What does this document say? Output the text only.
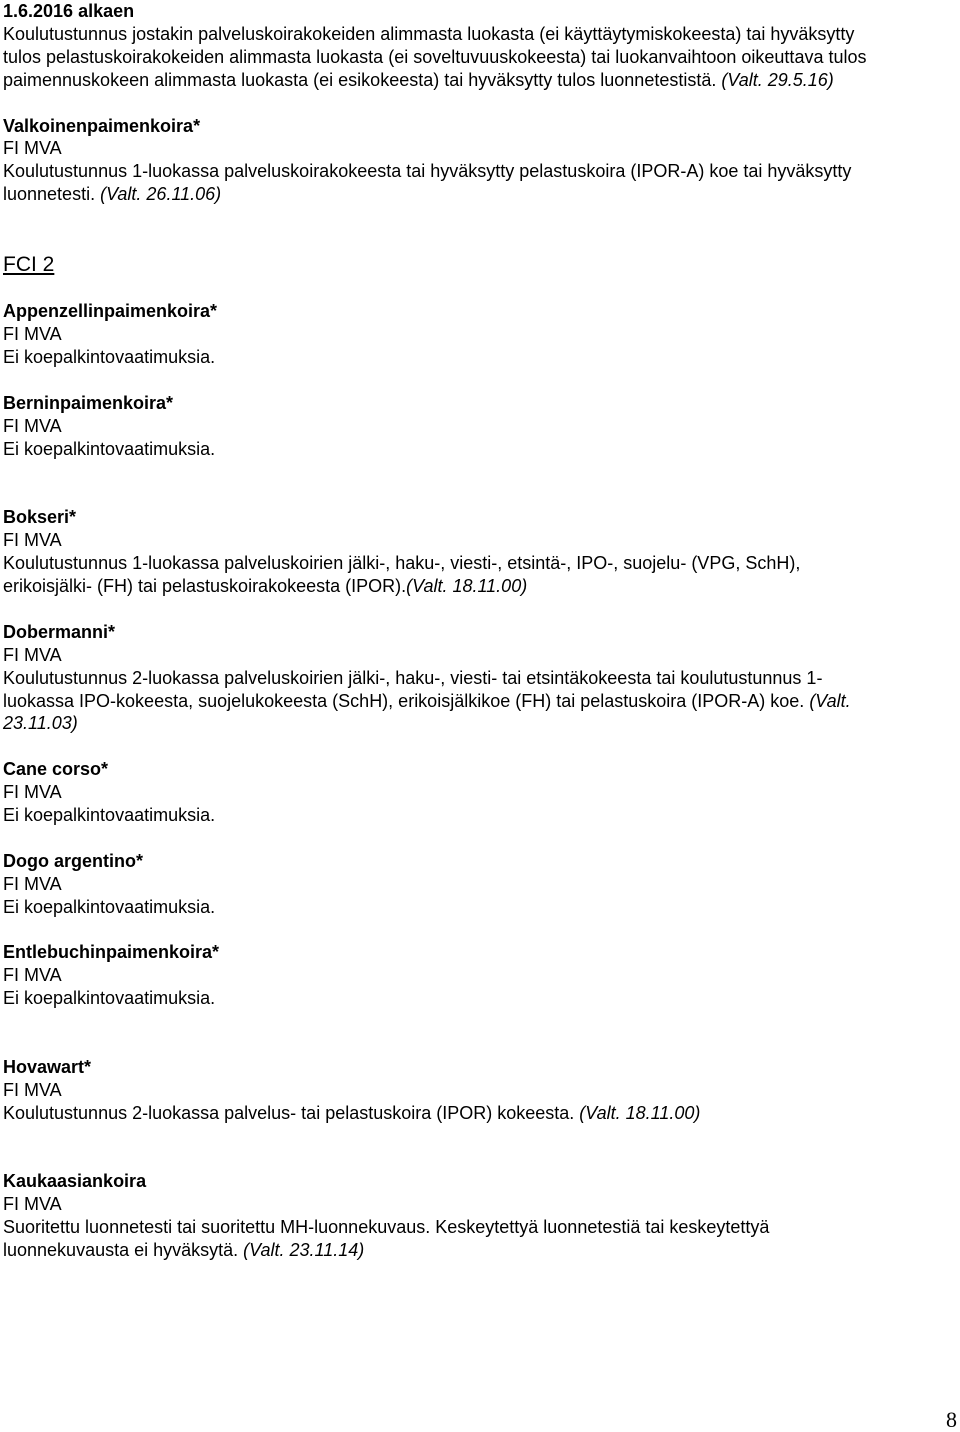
1.6.2016 alkaen
Koulutustunnus jostakin palveluskoirakokeiden alimmasta luokasta (ei käyttäytymiskokeesta) tai hyväksytty
tulos pelastuskoirakokeiden alimmasta luokasta (ei soveltuvuuskokeesta) tai luokanvaihtoon oikeuttava tulos
paimennuskokeen alimmasta luokasta (ei esikokeesta) tai hyväksytty tulos luonnetestistä. (Valt. 29.5.16)
Valkoinenpaimenkoira*
FI MVA
Koulutustunnus 1-luokassa palveluskoirakokeesta tai hyväksytty pelastuskoira (IPOR-A) koe tai hyväksytty
luonnetesti. (Valt. 26.11.06)
FCI 2
Appenzellinpaimenkoira*
FI MVA
Ei koepalkintovaatimuksia.
Berninpaimenkoira*
FI MVA
Ei koepalkintovaatimuksia.
Bokseri*
FI MVA
Koulutustunnus 1-luokassa palveluskoirien jälki-, haku-, viesti-, etsintä-, IPO-, suojelu- (VPG, SchH),
erikoisjälki- (FH) tai pelastuskoirakokeesta (IPOR).(Valt. 18.11.00)
Dobermanni*
FI MVA
Koulutustunnus 2-luokassa palveluskoirien jälki-, haku-, viesti- tai etsintäkokeesta tai koulutustunnus 1-
luokassa IPO-kokeesta, suojelukokeesta (SchH), erikoisjälkikoe (FH) tai pelastuskoira (IPOR-A) koe. (Valt.
23.11.03)
Cane corso*
FI MVA
Ei koepalkintovaatimuksia.
Dogo argentino*
FI MVA
Ei koepalkintovaatimuksia.
Entlebuchinpaimenkoira*
FI MVA
Ei koepalkintovaatimuksia.
Hovawart*
FI MVA
Koulutustunnus 2-luokassa palvelus- tai pelastuskoira (IPOR) kokeesta. (Valt. 18.11.00)
Kaukaasiankoira
FI MVA
Suoritettu luonnetesti tai suoritettu MH-luonnekuvaus. Keskeytettyä luonnetestiä tai keskeytettyä
luonnekuvausta ei hyväksytä. (Valt. 23.11.14)
8
